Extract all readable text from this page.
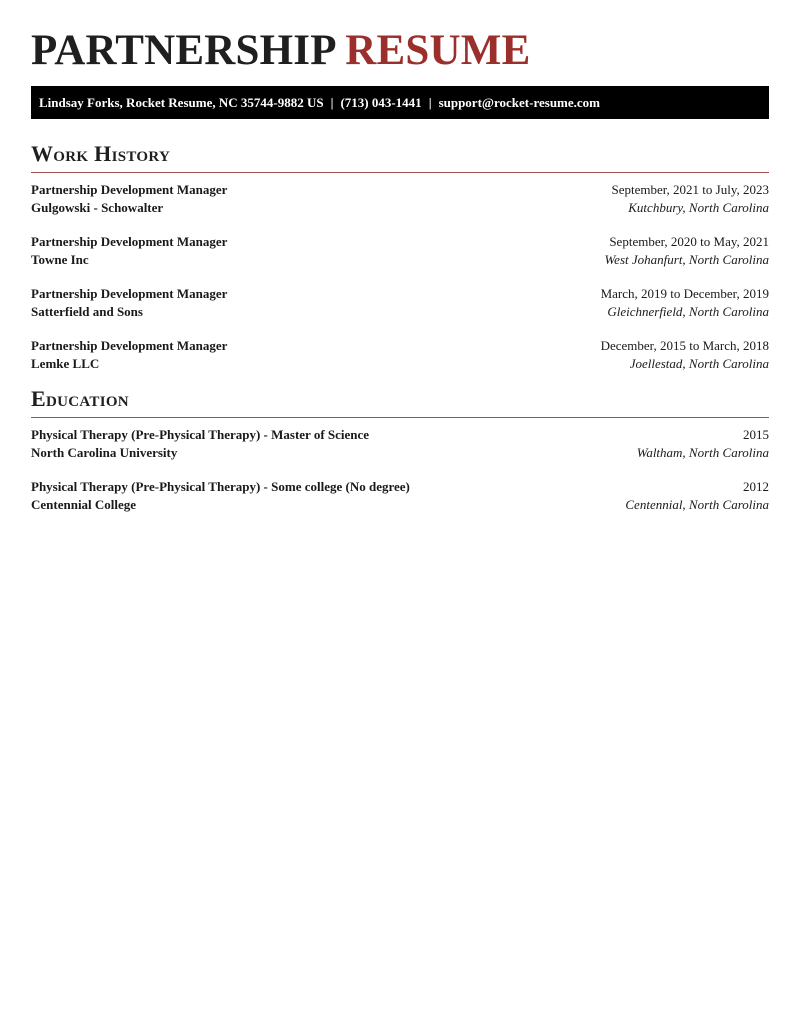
PARTNERSHIP RESUME
Lindsay Forks, Rocket Resume, NC 35744-9882 US | (713) 043-1441 | support@rocket-resume.com
Work History
Partnership Development Manager	September, 2021 to July, 2023
Gulgowski - Schowalter	Kutchbury, North Carolina
Partnership Development Manager	September, 2020 to May, 2021
Towne Inc	West Johanfurt, North Carolina
Partnership Development Manager	March, 2019 to December, 2019
Satterfield and Sons	Gleichnerfield, North Carolina
Partnership Development Manager	December, 2015 to March, 2018
Lemke LLC	Joellestad, North Carolina
Education
Physical Therapy (Pre-Physical Therapy) - Master of Science	2015
North Carolina University	Waltham, North Carolina
Physical Therapy (Pre-Physical Therapy) - Some college (No degree)	2012
Centennial College	Centennial, North Carolina
